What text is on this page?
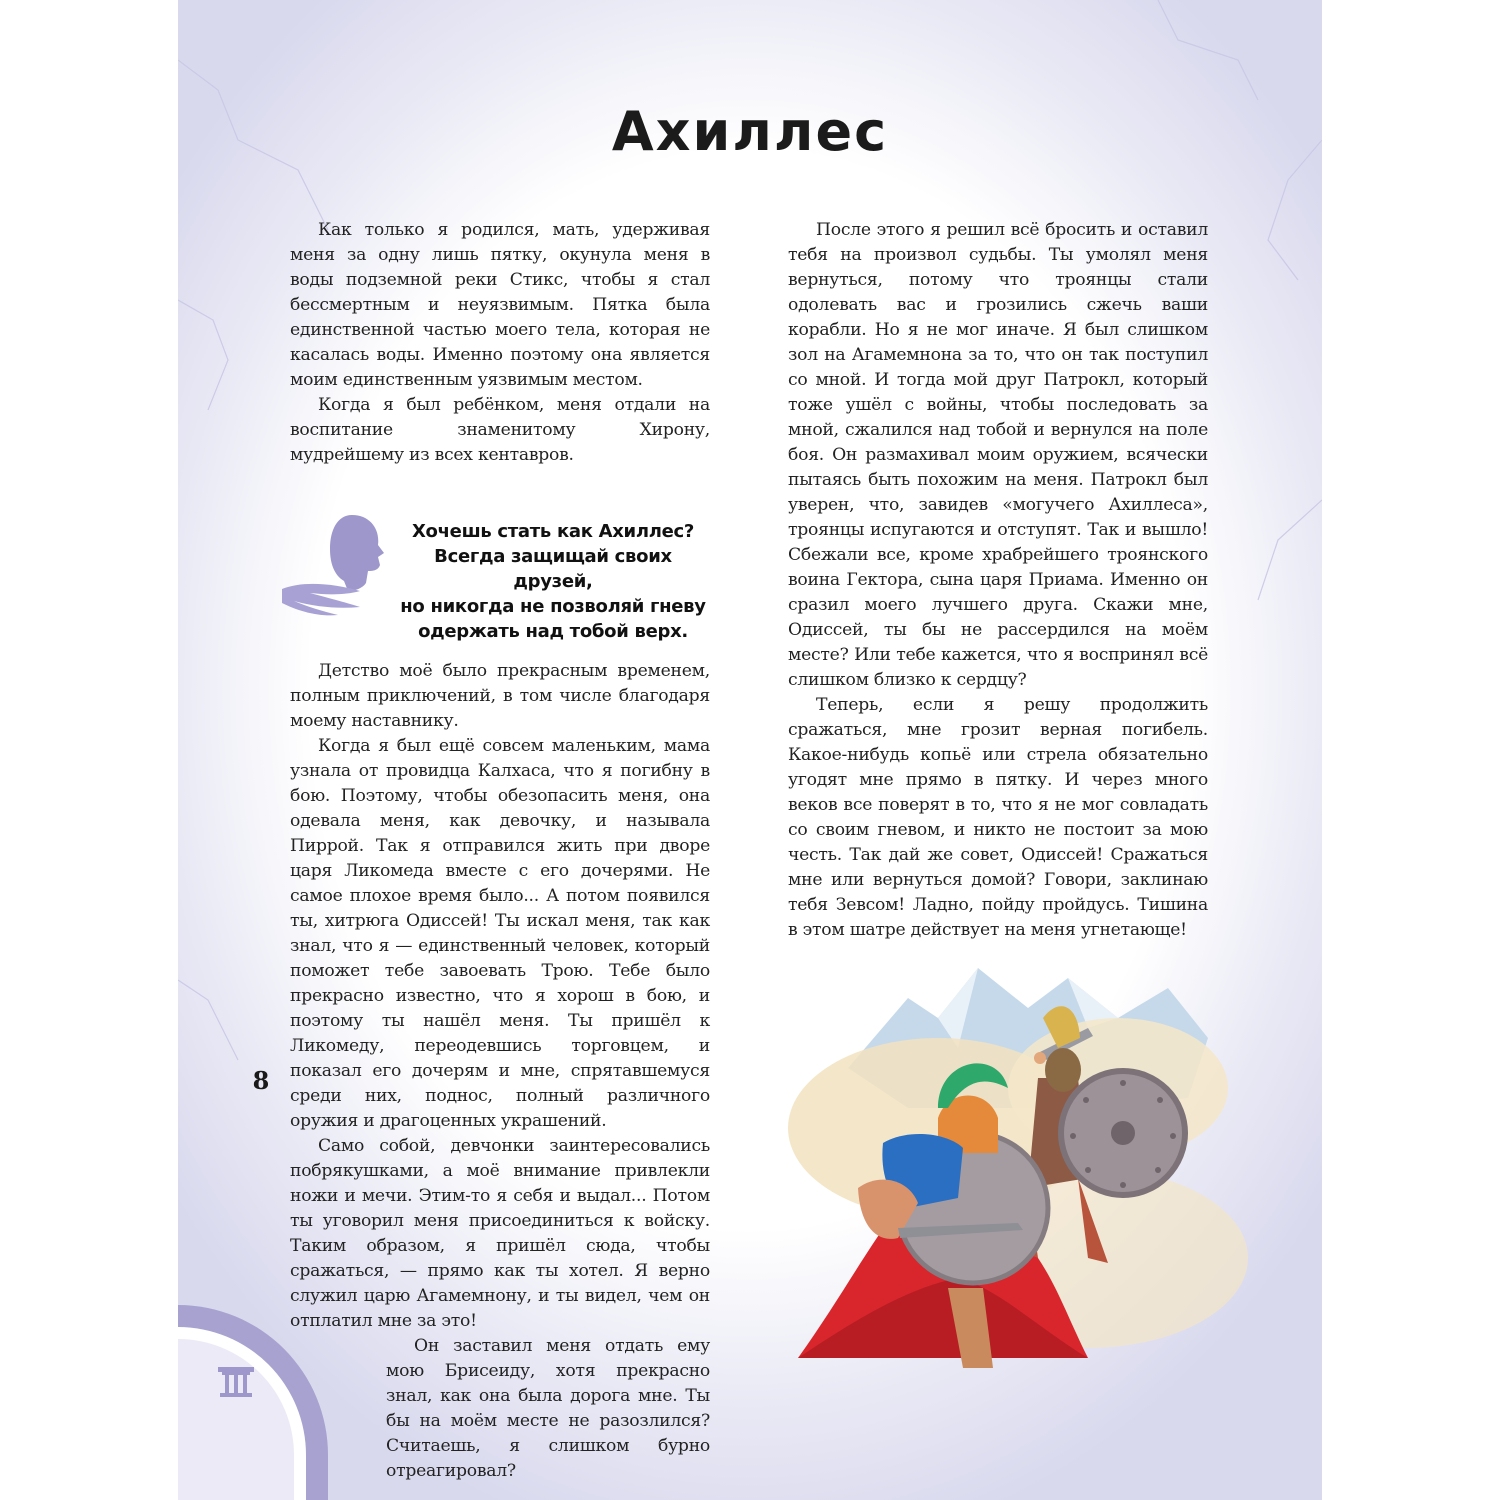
Ахиллес

Как только я родился, мать, удерживая меня за одну лишь пятку, окунула меня в воды подземной реки Стикс, чтобы я стал бессмертным и неуязвимым. Пятка была единственной частью моего тела, которая не касалась воды. Именно поэтому она является моим единственным уязвимым местом.

Когда я был ребёнком, меня отдали на воспитание знаменитому Хирону, мудрейшему из всех кентавров.

Хочешь стать как Ахиллес?
Всегда защищай своих друзей,
но никогда не позволяй гневу
одержать над тобой верх.

Детство моё было прекрасным временем, полным приключений, в том числе благодаря моему наставнику.

Когда я был ещё совсем маленьким, мама узнала от провидца Калхаса, что я погибну в бою. Поэтому, чтобы обезопасить меня, она одевала меня, как девочку, и называла Пиррой. Так я отправился жить при дворе царя Ликомеда вместе с его дочерями. Не самое плохое время было... А потом появился ты, хитрюга Одиссей! Ты искал меня, так как знал, что я — единственный человек, который поможет тебе завоевать Трою. Тебе было прекрасно известно, что я хорош в бою, и поэтому ты нашёл меня. Ты пришёл к Ликомеду, переодевшись торговцем, и показал его дочерям и мне, спрятавшемуся среди них, поднос, полный различного оружия и драгоценных украшений.

Само собой, девчонки заинтересовались побрякушками, а моё внимание привлекли ножи и мечи. Этим-то я себя и выдал... Потом ты уговорил меня присоединиться к войску. Таким образом, я пришёл сюда, чтобы сражаться, — прямо как ты хотел. Я верно служил царю Агамемнону, и ты видел, чем он отплатил мне за это!

Он заставил меня отдать ему мою Брисеиду, хотя прекрасно знал, как она была дорога мне. Ты бы на моём месте не разозлился? Считаешь, я слишком бурно отреагировал?

После этого я решил всё бросить и оставил тебя на произвол судьбы. Ты умолял меня вернуться, потому что троянцы стали одолевать вас и грозились сжечь ваши корабли. Но я не мог иначе. Я был слишком зол на Агамемнона за то, что он так поступил со мной. И тогда мой друг Патрокл, который тоже ушёл с войны, чтобы последовать за мной, сжалился над тобой и вернулся на поле боя. Он размахивал моим оружием, всячески пытаясь быть похожим на меня. Патрокл был уверен, что, завидев «могучего Ахиллеса», троянцы испугаются и отступят. Так и вышло! Сбежали все, кроме храбрейшего троянского воина Гектора, сына царя Приама. Именно он сразил моего лучшего друга. Скажи мне, Одиссей, ты бы не рассердился на моём месте? Или тебе кажется, что я воспринял всё слишком близко к сердцу?

Теперь, если я решу продолжить сражаться, мне грозит верная погибель. Какое-нибудь копьё или стрела обязательно угодят мне прямо в пятку. И через много веков все поверят в то, что я не мог совладать со своим гневом, и никто не постоит за мою честь. Так дай же совет, Одиссей! Сражаться мне или вернуться домой? Говори, заклинаю тебя Зевсом! Ладно, пойду пройдусь. Тишина в этом шатре действует на меня угнетающе!

8
